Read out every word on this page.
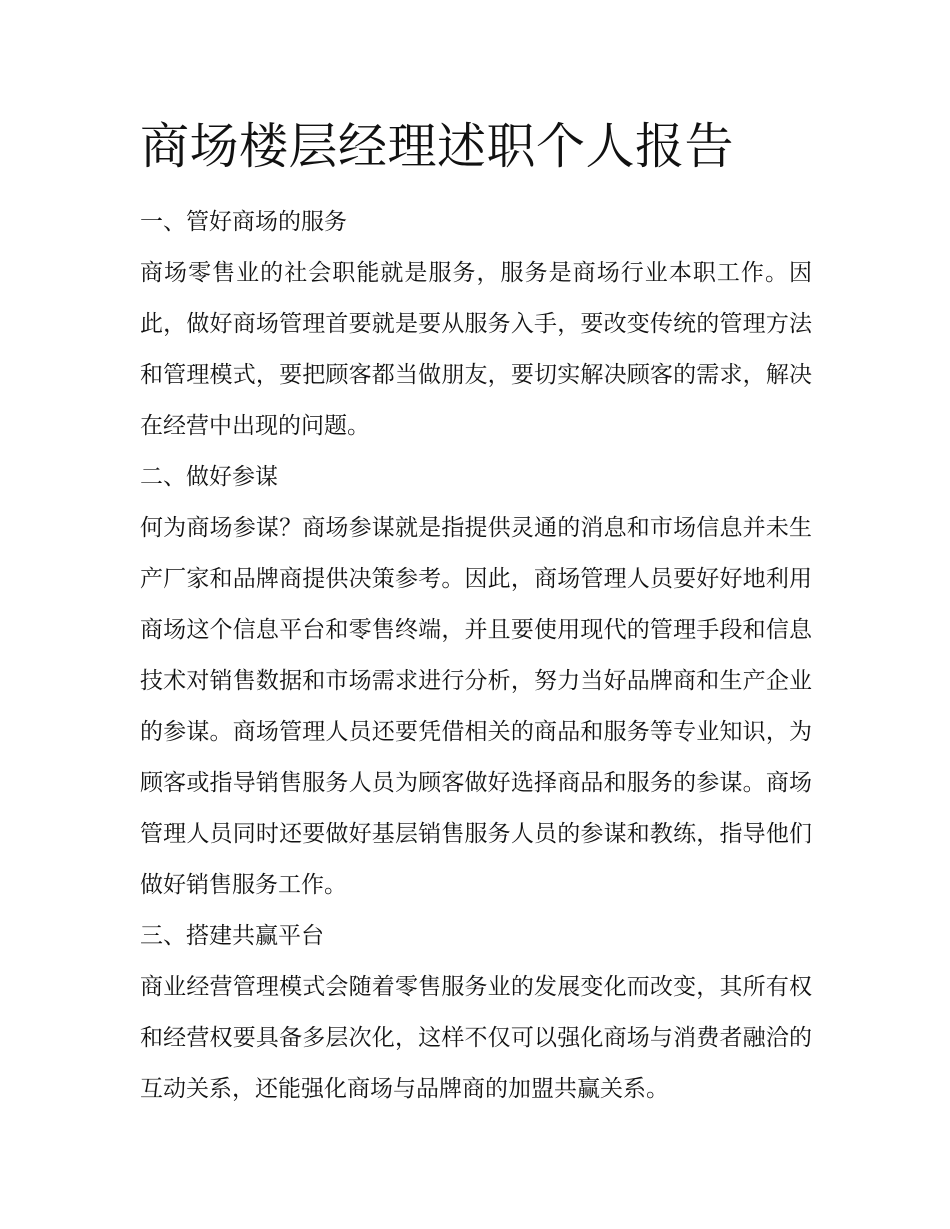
商场楼层经理述职个人报告
一、管好商场的服务

商场零售业的社会职能就是服务，服务是商场行业本职工作。因此，做好商场管理首要就是要从服务入手，要改变传统的管理方法和管理模式，要把顾客都当做朋友，要切实解决顾客的需求，解决在经营中出现的问题。

二、做好参谋

何为商场参谋？商场参谋就是指提供灵通的消息和市场信息并未生产厂家和品牌商提供决策参考。因此，商场管理人员要好好地利用商场这个信息平台和零售终端，并且要使用现代的管理手段和信息技术对销售数据和市场需求进行分析，努力当好品牌商和生产企业的参谋。商场管理人员还要凭借相关的商品和服务等专业知识，为顾客或指导销售服务人员为顾客做好选择商品和服务的参谋。商场管理人员同时还要做好基层销售服务人员的参谋和教练，指导他们做好销售服务工作。

三、搭建共赢平台

商业经营管理模式会随着零售服务业的发展变化而改变，其所有权和经营权要具备多层次化，这样不仅可以强化商场与消费者融洽的互动关系，还能强化商场与品牌商的加盟共赢关系。
